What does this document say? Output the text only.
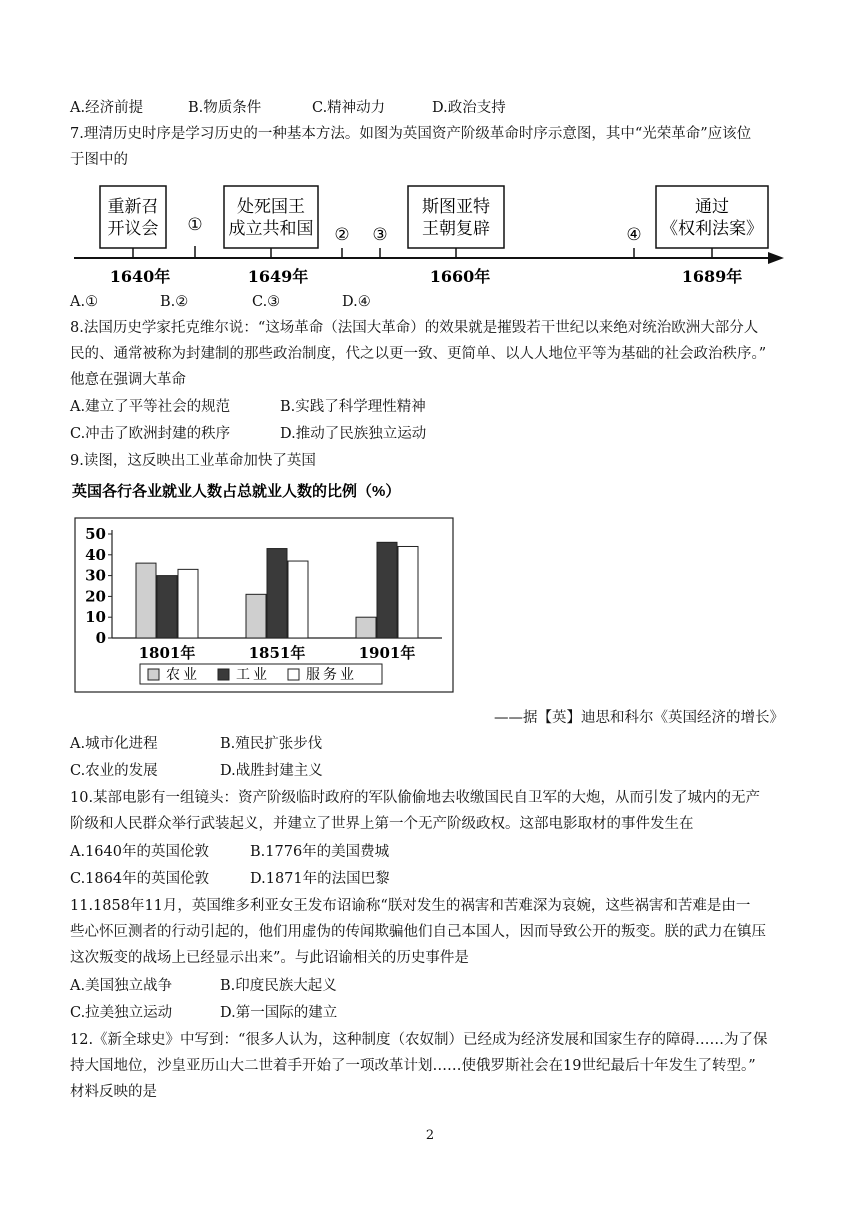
A.经济前提	B.物质条件	C.精神动力	D.政治支持
7.理清历史时序是学习历史的一种基本方法。如图为英国资产阶级革命时序示意图，其中“光荣革命”应该位
于图中的
重新召
开议会
处死国王
成立共和国
斯图亚特
王朝复辟
通过
《权利法案》
①	② ③	④
1640年	1649年	1660年	1689年
A.①	B.②	C.③	D.④
8.法国历史学家托克维尔说：“这场革命（法国大革命）的效果就是摧毁若干世纪以来绝对统治欧洲大部分人
民的、通常被称为封建制的那些政治制度，代之以更一致、更简单、以人人地位平等为基础的社会政治秩序。”
他意在强调大革命
A.建立了平等社会的规范	B.实践了科学理性精神
C.冲击了欧洲封建的秩序	D.推动了民族独立运动
9.读图，这反映出工业革命加快了英国
英国各行各业就业人数占总就业人数的比例（%）
0
10
20
30
40
50
1801年	1851年	1901年
农业	工业	服务业
——据【英】迪思和科尔《英国经济的增长》
A.城市化进程	B.殖民扩张步伐
C.农业的发展	D.战胜封建主义
10.某部电影有一组镜头：资产阶级临时政府的军队偷偷地去收缴国民自卫军的大炮，从而引发了城内的无产
阶级和人民群众举行武装起义，并建立了世界上第一个无产阶级政权。这部电影取材的事件发生在
A.1640年的英国伦敦	B.1776年的美国费城
C.1864年的英国伦敦	D.1871年的法国巴黎
11.1858年11月，英国维多利亚女王发布诏谕称“朕对发生的祸害和苦难深为哀婉，这些祸害和苦难是由一
些心怀叵测者的行动引起的，他们用虚伪的传闻欺骗他们自己本国人，因而导致公开的叛变。朕的武力在镇压
这次叛变的战场上已经显示出来”。与此诏谕相关的历史事件是
A.美国独立战争	B.印度民族大起义
C.拉美独立运动	D.第一国际的建立
12.《新全球史》中写到：“很多人认为，这种制度（农奴制）已经成为经济发展和国家生存的障碍……为了保
持大国地位，沙皇亚历山大二世着手开始了一项改革计划……使俄罗斯社会在19世纪最后十年发生了转型。”
材料反映的是
2
